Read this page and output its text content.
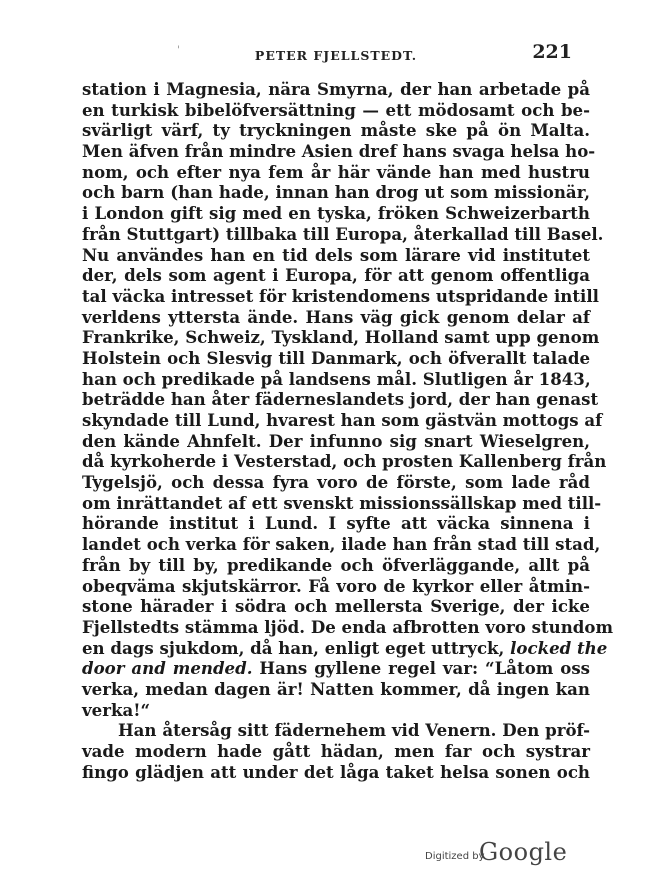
'	PETER FJELLSTEDT.	221
station i Magnesia, nära Smyrna, der han arbetade på
en turkisk bibelöfversättning — ett mödosamt och be-
svärligt värf, ty tryckningen måste ske på ön Malta.
Men äfven från mindre Asien dref hans svaga helsa ho-
nom, och efter nya fem år här vände han med hustru
och barn (han hade, innan han drog ut som missionär,
i London gift sig med en tyska, fröken Schweizerbarth
från Stuttgart) tillbaka till Europa, återkallad till Basel.
Nu användes han en tid dels som lärare vid institutet
der, dels som agent i Europa, för att genom offentliga
tal väcka intresset för kristendomens utspridande intill
verldens yttersta ände. Hans väg gick genom delar af
Frankrike, Schweiz, Tyskland, Holland samt upp genom
Holstein och Slesvig till Danmark, och öfverallt talade
han och predikade på landsens mål. Slutligen år 1843,
beträdde han åter fäderneslandets jord, der han genast
skyndade till Lund, hvarest han som gästvän mottogs af
den kände Ahnfelt. Der infunno sig snart Wieselgren,
då kyrkoherde i Vesterstad, och prosten Kallenberg från
Tygelsjö, och dessa fyra voro de förste, som lade råd
om inrättandet af ett svenskt missionssällskap med till-
hörande institut i Lund. I syfte att väcka sinnena i
landet och verka för saken, ilade han från stad till stad,
från by till by, predikande och öfverläggande, allt på
obeqväma skjutskärror. Få voro de kyrkor eller åtmin-
stone härader i södra och mellersta Sverige, der icke
Fjellstedts stämma ljöd. De enda afbrotten voro stundom
en dags sjukdom, då han, enligt eget uttryck, locked the
door and mended. Hans gyllene regel var: “Låtom oss
verka, medan dagen är! Natten kommer, då ingen kan
verka!“
Han återsåg sitt fädernehem vid Venern. Den pröf-
vade modern hade gått hädan, men far och systrar
fingo glädjen att under det låga taket helsa sonen och
Digitized by
Google
